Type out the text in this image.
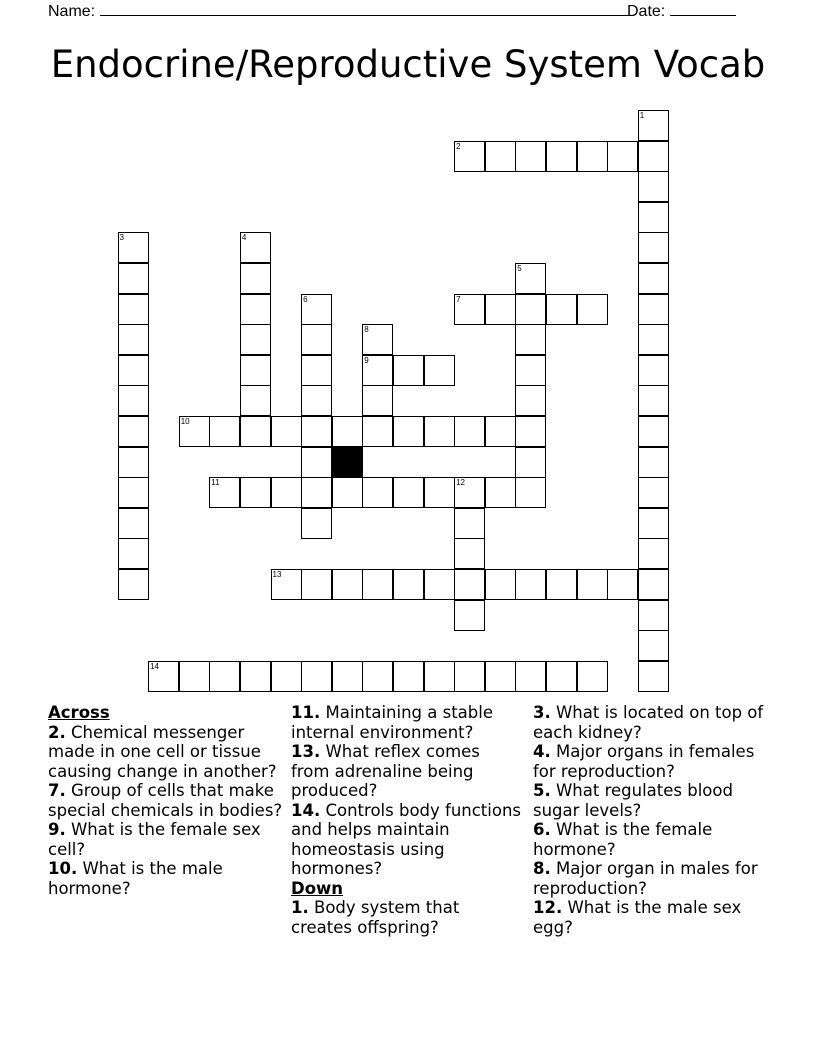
Name:	Date:
Endocrine/Reproductive System Vocab
1
2
3	4
5
6	7
8
9
10
11	12
13
14
Across
2. Chemical messenger made in one cell or tissue causing change in another?
7. Group of cells that make special chemicals in bodies?
9. What is the female sex cell?
10. What is the male hormone?
11. Maintaining a stable internal environment?
13. What reflex comes from adrenaline being produced?
14. Controls body functions and helps maintain homeostasis using hormones?
Down
1. Body system that creates offspring?
3. What is located on top of each kidney?
4. Major organs in females for reproduction?
5. What regulates blood sugar levels?
6. What is the female hormone?
8. Major organ in males for reproduction?
12. What is the male sex egg?
